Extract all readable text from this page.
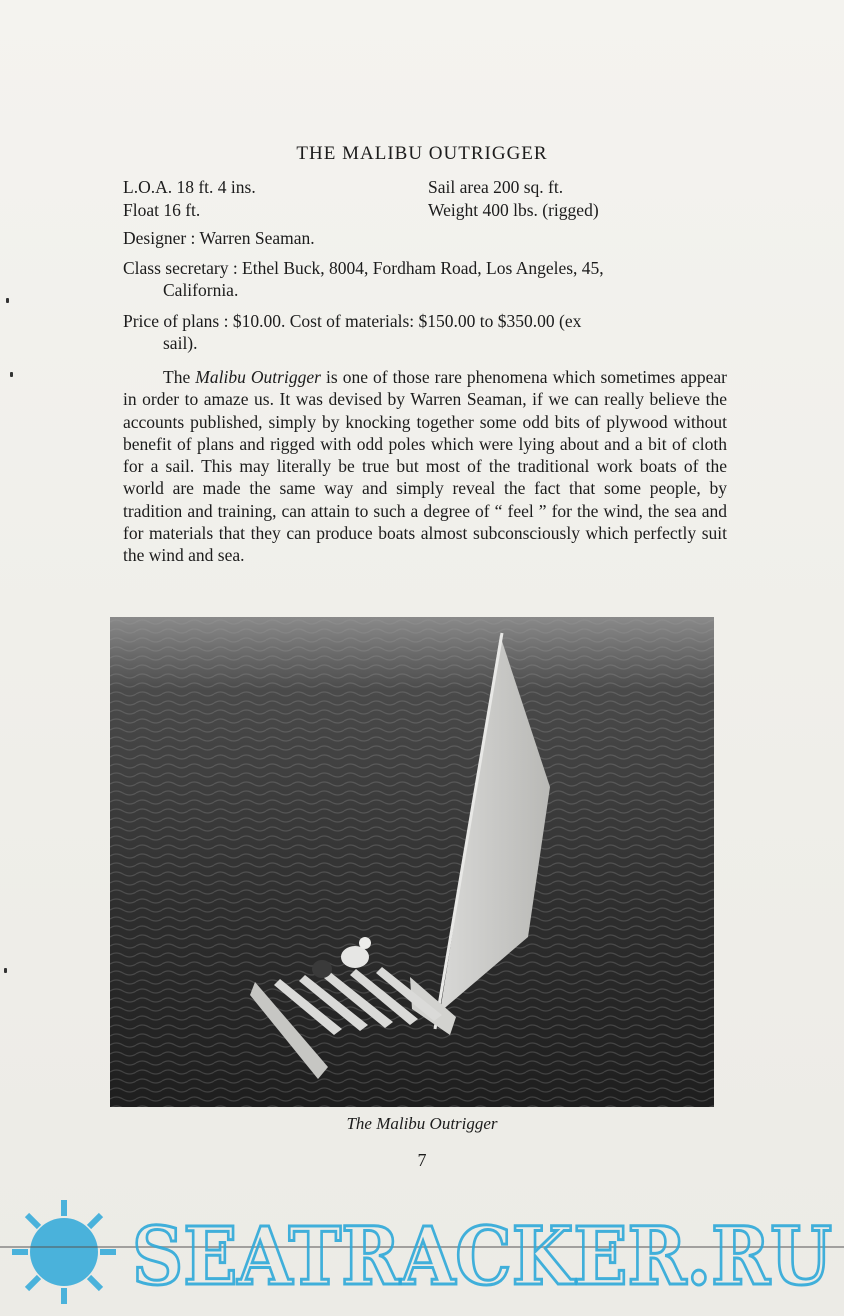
THE MALIBU OUTRIGGER
L.O.A. 18 ft. 4 ins.
Float 16 ft.
Sail area 200 sq. ft.
Weight 400 lbs. (rigged)
Designer : Warren Seaman.
Class secretary : Ethel Buck, 8004, Fordham Road, Los Angeles, 45,
California.
Price of plans : $10.00. Cost of materials: $150.00 to $350.00 (ex
sail).
The Malibu Outrigger is one of those rare phenomena which sometimes appear in order to amaze us. It was devised by Warren Seaman, if we can really believe the accounts published, simply by knocking together some odd bits of plywood without benefit of plans and rigged with odd poles which were lying about and a bit of cloth for a sail. This may literally be true but most of the traditional work boats of the world are made the same way and simply reveal the fact that some people, by tradition and training, can attain to such a degree of “ feel ” for the wind, the sea and for materials that they can produce boats almost subconsciously which perfectly suit the wind and sea.
The Malibu Outrigger
7
SEATRACKER.RU
